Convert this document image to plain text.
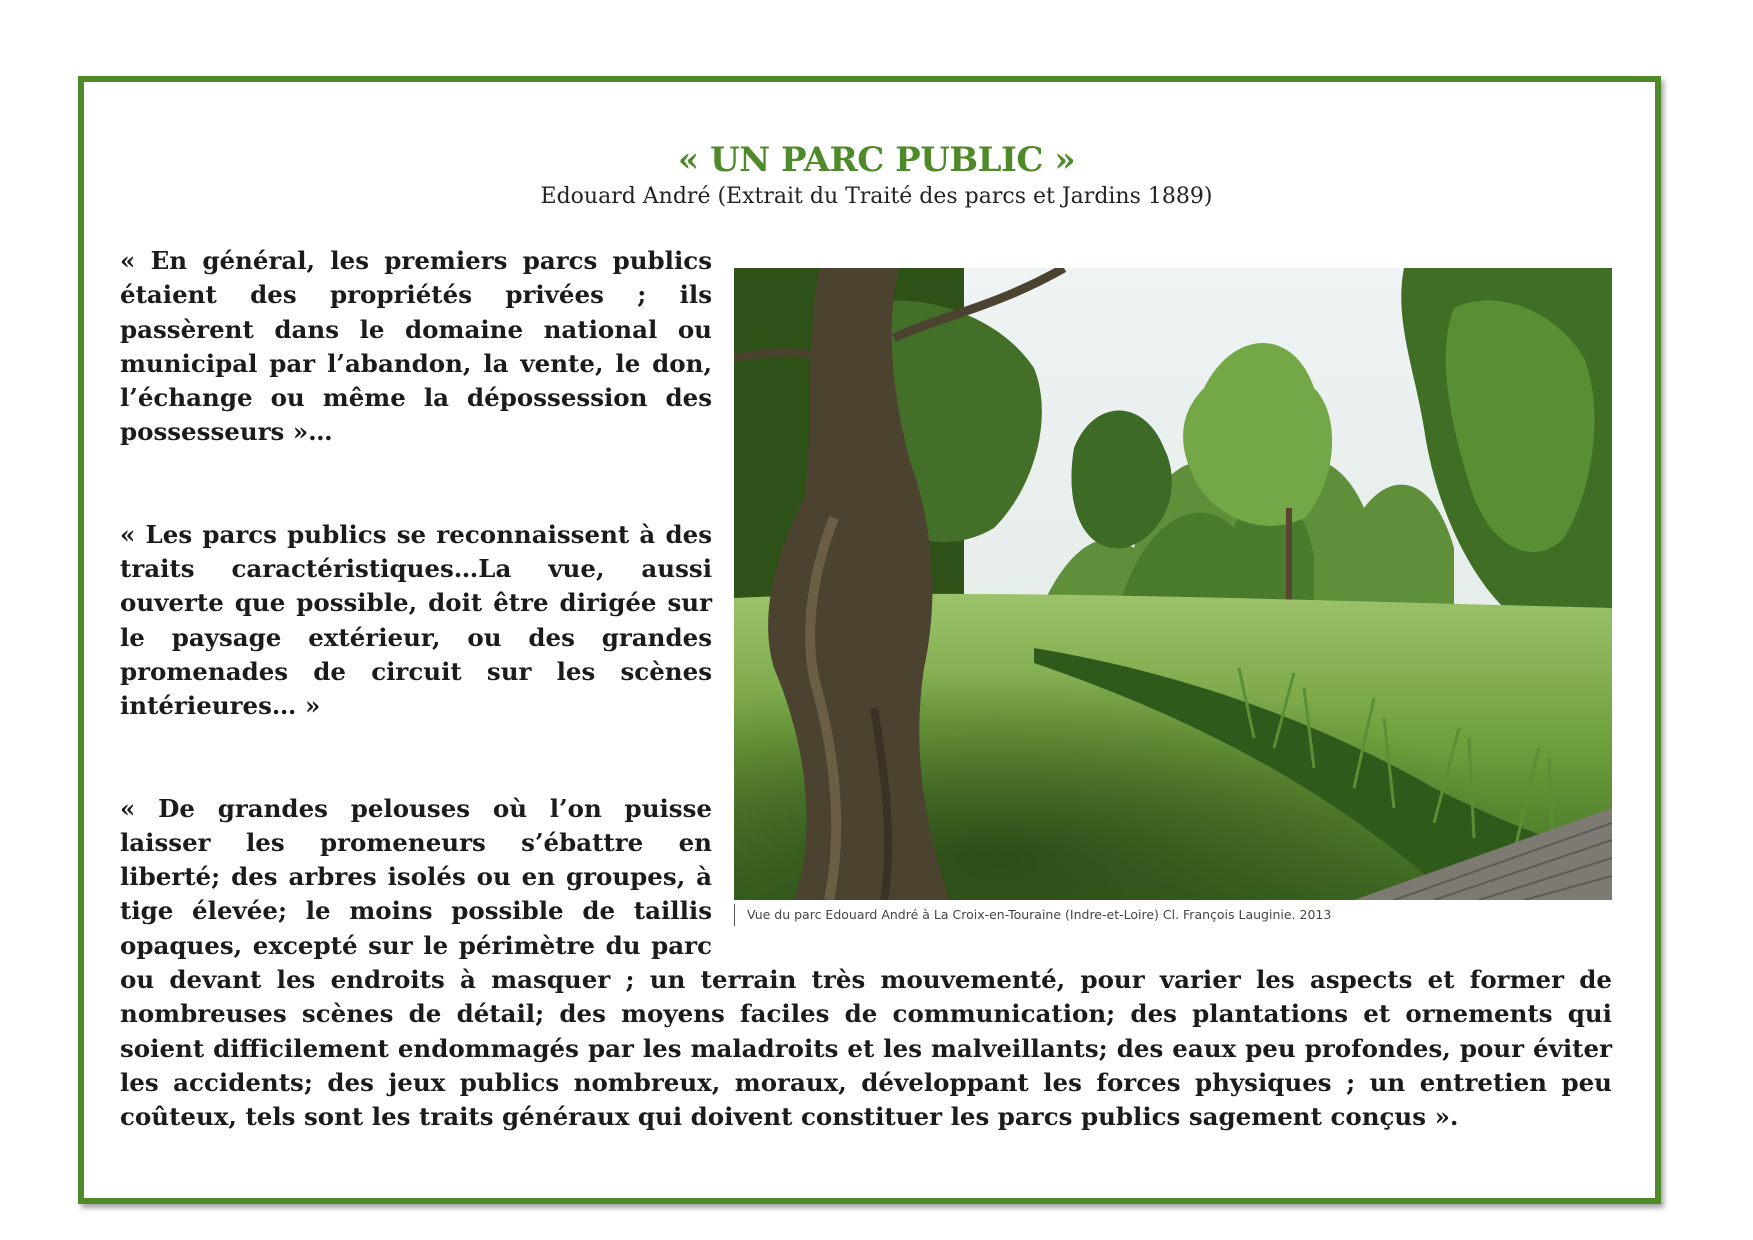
« UN PARC PUBLIC »
Edouard André (Extrait du Traité des parcs et Jardins 1889)
Vue du parc Edouard André à La Croix-en-Touraine (Indre-et-Loire) Cl. François Lauginie. 2013

« En général, les premiers parcs publics étaient des propriétés privées ; ils passèrent dans le domaine national ou municipal par l’abandon, la vente, le don, l’échange ou même la dépossession des possesseurs »…

« Les parcs publics se reconnaissent à des traits caractéristiques…La vue, aussi ouverte que possible, doit être dirigée sur le paysage extérieur, ou des grandes promenades de circuit sur les scènes intérieures… »

« De grandes pelouses où l’on puisse laisser les promeneurs s’ébattre en liberté; des arbres isolés ou en groupes, à tige élevée; le moins possible de taillis opaques, excepté sur le périmètre du parc ou devant les endroits à masquer ; un terrain très mouvementé, pour varier les aspects et former de nombreuses scènes de détail; des moyens faciles de communication; des plantations et ornements qui soient difficilement endommagés par les maladroits et les malveillants; des eaux peu profondes, pour éviter les accidents; des jeux publics nombreux, moraux, développant les forces physiques ; un entretien peu coûteux, tels sont les traits généraux qui doivent constituer les parcs publics sagement conçus ».
